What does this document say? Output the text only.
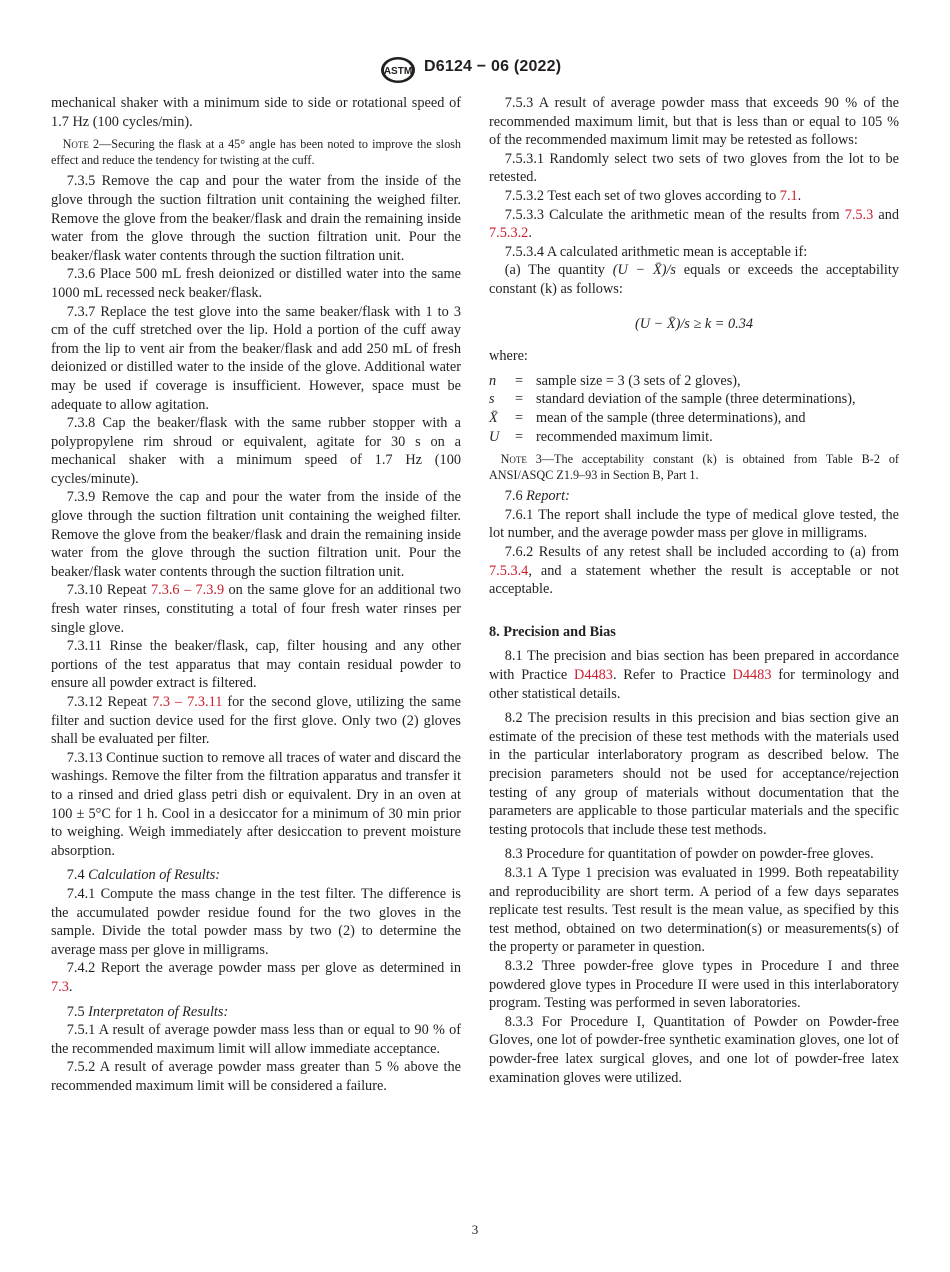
ASTM D6124 − 06 (2022)

mechanical shaker with a minimum side to side or rotational speed of 1.7 Hz (100 cycles/min).

Note 2—Securing the flask at a 45° angle has been noted to improve the slosh effect and reduce the tendency for twisting at the cuff.

7.3.5 Remove the cap and pour the water from the inside of the glove through the suction filtration unit containing the weighed filter. Remove the glove from the beaker/flask and drain the remaining inside water from the glove through the suction filtration unit. Pour the beaker/flask water contents through the suction filtration unit.

7.3.6 Place 500 mL fresh deionized or distilled water into the same 1000 mL recessed neck beaker/flask.

7.3.7 Replace the test glove into the same beaker/flask with 1 to 3 cm of the cuff stretched over the lip. Hold a portion of the cuff away from the lip to vent air from the beaker/flask and add 250 mL of fresh deionized or distilled water to the inside of the glove. Additional water may be used if coverage is insufficient. However, space must be adequate to allow agitation.

7.3.8 Cap the beaker/flask with the same rubber stopper with a polypropylene rim shroud or equivalent, agitate for 30 s on a mechanical shaker with a minimum speed of 1.7 Hz (100 cycles/minute).

7.3.9 Remove the cap and pour the water from the inside of the glove through the suction filtration unit containing the weighed filter. Remove the glove from the beaker/flask and drain the remaining inside water from the glove through the suction filtration unit. Pour the beaker/flask water contents through the suction filtration unit.

7.3.10 Repeat 7.3.6 – 7.3.9 on the same glove for an additional two fresh water rinses, constituting a total of four fresh water rinses per single glove.

7.3.11 Rinse the beaker/flask, cap, filter housing and any other portions of the test apparatus that may contain residual powder to ensure all powder extract is filtered.

7.3.12 Repeat 7.3 – 7.3.11 for the second glove, utilizing the same filter and suction device used for the first glove. Only two (2) gloves shall be evaluated per filter.

7.3.13 Continue suction to remove all traces of water and discard the washings. Remove the filter from the filtration apparatus and transfer it to a rinsed and dried glass petri dish or equivalent. Dry in an oven at 100 ± 5°C for 1 h. Cool in a desiccator for a minimum of 30 min prior to weighing. Weigh immediately after desiccation to prevent moisture absorption.

7.4 Calculation of Results:

7.4.1 Compute the mass change in the test filter. The difference is the accumulated powder residue found for the two gloves in the sample. Divide the total powder mass by two (2) to determine the average mass per glove in milligrams.

7.4.2 Report the average powder mass per glove as determined in 7.3.

7.5 Interpretaton of Results:

7.5.1 A result of average powder mass less than or equal to 90 % of the recommended maximum limit will allow immediate acceptance.

7.5.2 A result of average powder mass greater than 5 % above the recommended maximum limit will be considered a failure.

7.5.3 A result of average powder mass that exceeds 90 % of the recommended maximum limit, but that is less than or equal to 105 % of the recommended maximum limit may be retested as follows:

7.5.3.1 Randomly select two sets of two gloves from the lot to be retested.

7.5.3.2 Test each set of two gloves according to 7.1.

7.5.3.3 Calculate the arithmetic mean of the results from 7.5.3 and 7.5.3.2.

7.5.3.4 A calculated arithmetic mean is acceptable if:

(a) The quantity (U − X̄)/s equals or exceeds the acceptability constant (k) as follows:

(U − X̄)/s ≥ k = 0.34

where:

n	= sample size = 3 (3 sets of 2 gloves),
s	= standard deviation of the sample (three determinations),
X̄	= mean of the sample (three determinations), and
U	= recommended maximum limit.
Note 3—The acceptability constant (k) is obtained from Table B-2 of ANSI/ASQC Z1.9–93 in Section B, Part 1.

7.6 Report:

7.6.1 The report shall include the type of medical glove tested, the lot number, and the average powder mass per glove in milligrams.

7.6.2 Results of any retest shall be included according to (a) from 7.5.3.4, and a statement whether the result is acceptable or not acceptable.

8. Precision and Bias

8.1 The precision and bias section has been prepared in accordance with Practice D4483. Refer to Practice D4483 for terminology and other statistical details.

8.2 The precision results in this precision and bias section give an estimate of the precision of these test methods with the materials used in the particular interlaboratory program as described below. The precision parameters should not be used for acceptance/rejection testing of any group of materials without documentation that the parameters are applicable to those particular materials and the specific testing protocols that include these test methods.

8.3 Procedure for quantitation of powder on powder-free gloves.

8.3.1 A Type 1 precision was evaluated in 1999. Both repeatability and reproducibility are short term. A period of a few days separates replicate test results. Test result is the mean value, as specified by this test method, obtained on two determination(s) or measurements(s) of the property or parameter in question.

8.3.2 Three powder-free glove types in Procedure I and three powdered glove types in Procedure II were used in this interlaboratory program. Testing was performed in seven laboratories.

8.3.3 For Procedure I, Quantitation of Powder on Powder-free Gloves, one lot of powder-free synthetic examination gloves, one lot of powder-free latex surgical gloves, and one lot of powder-free latex examination gloves were utilized.

3
